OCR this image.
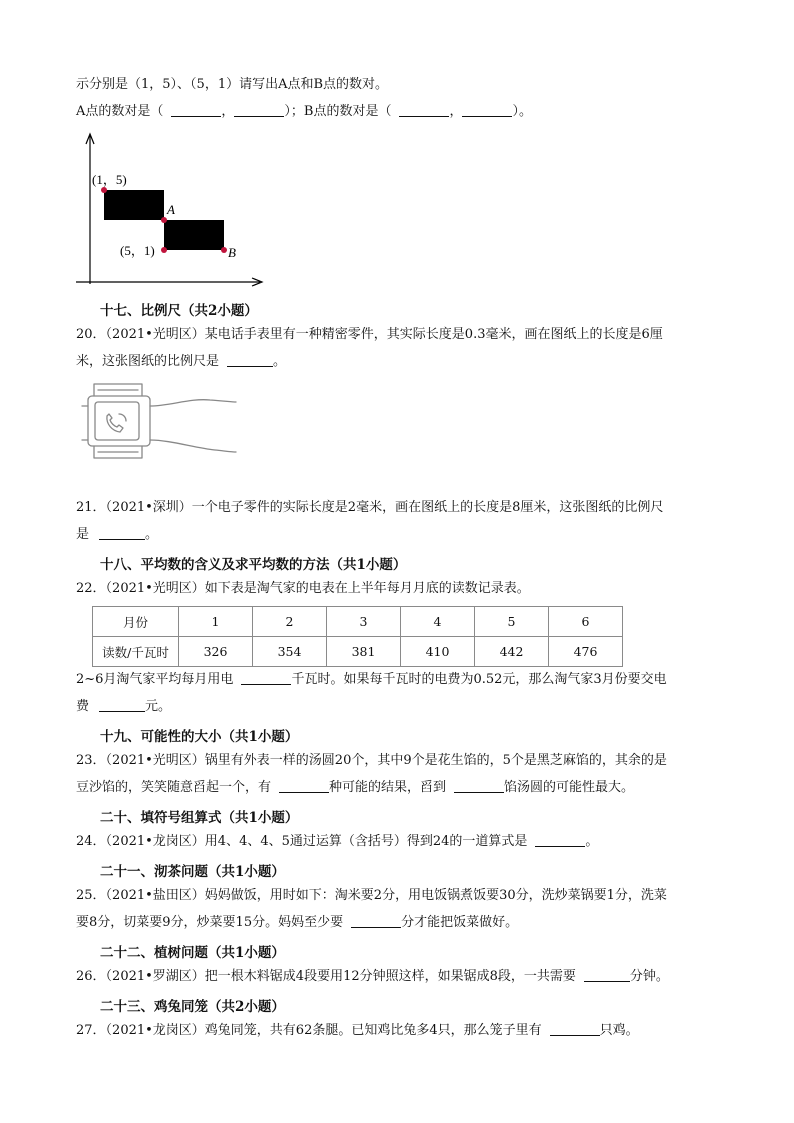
示分别是（1，5）、（5，1）请写出A点和B点的数对。
A点的数对是（	，	）；B点的数对是（	，	）。
(1，5)
A
(5，1)	B
十七、比例尺（共2小题）
20．（2021•光明区）某电话手表里有一种精密零件，其实际长度是0.3毫米，画在图纸上的长度是6厘
米，这张图纸的比例尺是	。
21．（2021•深圳）一个电子零件的实际长度是2毫米，画在图纸上的长度是8厘米，这张图纸的比例尺
是	。
十八、平均数的含义及求平均数的方法（共1小题）
22．（2021•光明区）如下表是淘气家的电表在上半年每月月底的读数记录表。
月份	1	2	3	4	5	6
读数/千瓦时	326	354	381	410	442	476
2~6月淘气家平均每月用电	千瓦时。如果每千瓦时的电费为0.52元，那么淘气家3月份要交电
费	元。
十九、可能性的大小（共1小题）
23．（2021•光明区）锅里有外表一样的汤圆20个，其中9个是花生馅的，5个是黑芝麻馅的，其余的是
豆沙馅的，笑笑随意舀起一个，有	种可能的结果，舀到	馅汤圆的可能性最大。
二十、填符号组算式（共1小题）
24．（2021•龙岗区）用4、4、4、5通过运算（含括号）得到24的一道算式是	。
二十一、沏茶问题（共1小题）
25．（2021•盐田区）妈妈做饭，用时如下：淘米要2分，用电饭锅煮饭要30分，洗炒菜锅要1分，洗菜
要8分，切菜要9分，炒菜要15分。妈妈至少要	分才能把饭菜做好。
二十二、植树问题（共1小题）
26．（2021•罗湖区）把一根木料锯成4段要用12分钟照这样，如果锯成8段，一共需要	分钟。
二十三、鸡兔同笼（共2小题）
27．（2021•龙岗区）鸡兔同笼，共有62条腿。已知鸡比兔多4只，那么笼子里有	只鸡。
